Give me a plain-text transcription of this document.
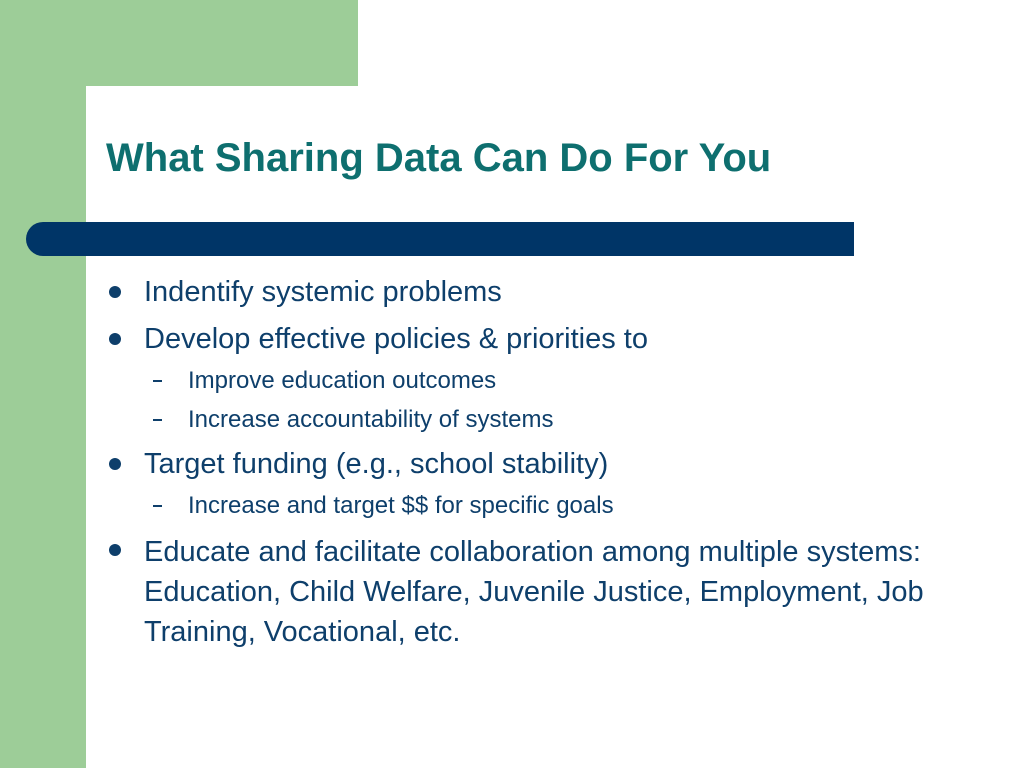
What Sharing Data Can Do For You
Indentify systemic problems
Develop effective policies & priorities to
Improve education outcomes
Increase accountability of systems
Target funding (e.g., school stability)
Increase and target $$ for specific goals
Educate and facilitate collaboration among multiple systems: Education, Child Welfare, Juvenile Justice, Employment, Job Training, Vocational, etc.
